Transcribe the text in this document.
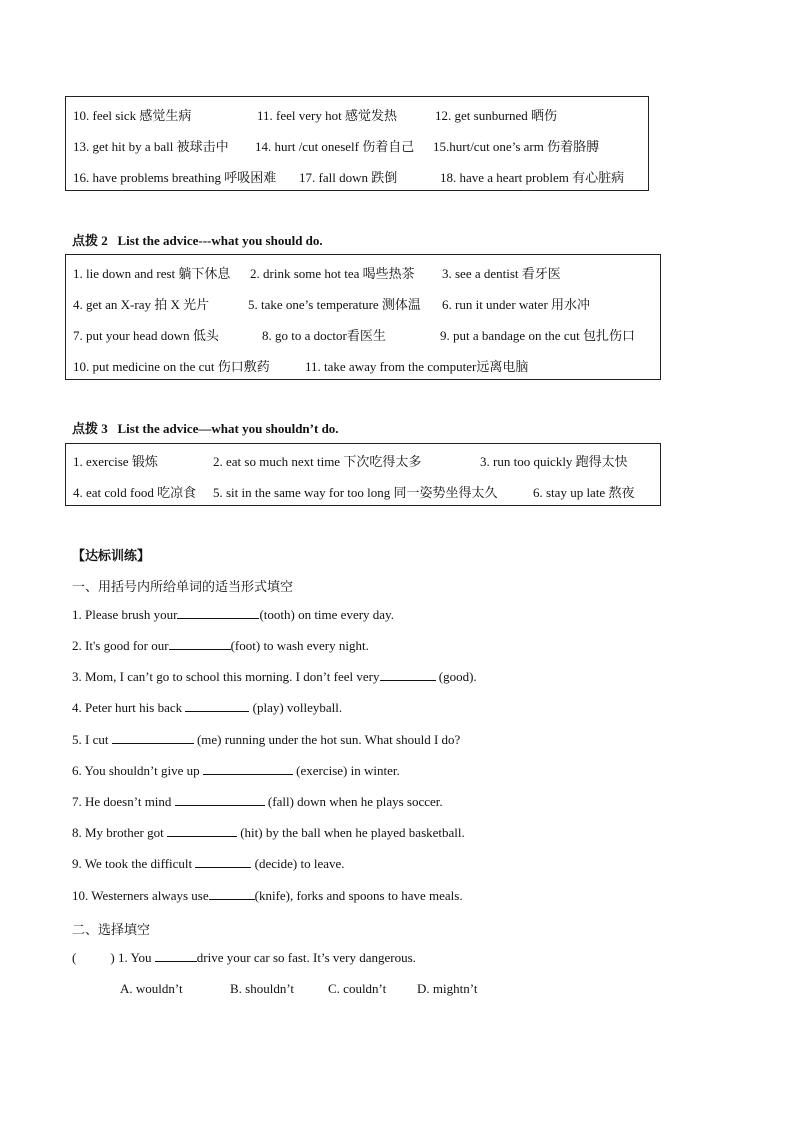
10. feel sick 感觉生病	11. feel very hot 感觉发热	12. get sunburned 晒伤
13. get hit by a ball 被球击中 14. hurt /cut oneself 伤着自己 15.hurt/cut one’s arm 伤着胳膊
16. have problems breathing 呼吸困难 17. fall down 跌倒	18. have a heart problem 有心脏病
点拨 2 List the advice---what you should do.
1. lie down and rest 躺下休息 2. drink some hot tea 喝些热茶 3. see a dentist 看牙医
4. get an X-ray 拍 X 光片	5. take one’s temperature 测体温 6. run it under water 用水冲
7. put your head down 低头	8. go to a doctor看医生	9. put a bandage on the cut 包扎伤口
10. put medicine on the cut 伤口敷药	11. take away from the computer远离电脑
点拨 3 List the advice—what you shouldn’t do.
1. exercise 锻炼	2. eat so much next time 下次吃得太多	3. run too quickly 跑得太快
4. eat cold food 吃凉食 5. sit in the same way for too long 同一姿势坐得太久	6. stay up late 熬夜
【达标训练】
一、用括号内所给单词的适当形式填空
1. Please brush your	(tooth) on time every day.
2. It's good for our	(foot) to wash every night.
3. Mom, I can’t go to school this morning. I don’t feel very	(good).
4. Peter hurt his back	(play) volleyball.
5. I cut	(me) running under the hot sun. What should I do?
6. You shouldn’t give up	(exercise) in winter.
7. He doesn’t mind	(fall) down when he plays soccer.
8. My brother got	(hit) by the ball when he played basketball.
9. We took the difficult	(decide) to leave.
10. Westerners always use	(knife), forks and spoons to have meals.
二、选择填空
(	) 1. You	drive your car so fast. It’s very dangerous.
A. wouldn’t	B. shouldn’t	C. couldn’t D. mightn’t
